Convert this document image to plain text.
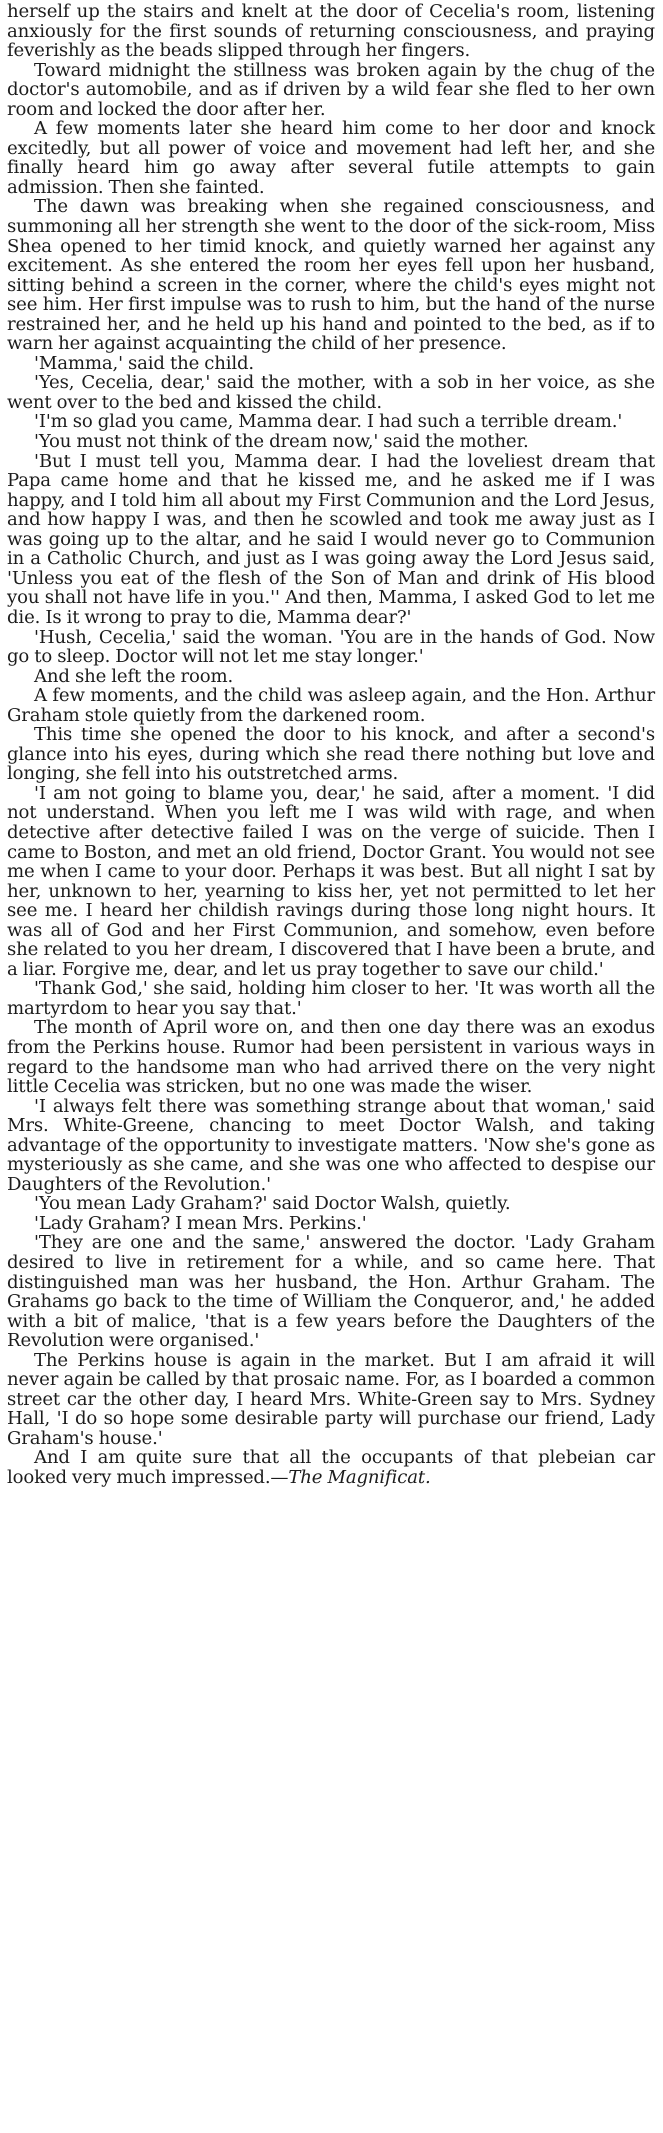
herself up the stairs and knelt at the door of Cecelia's room, listening anxiously for the first sounds of returning consciousness, and praying feverishly as the beads slipped through her fingers.

Toward midnight the stillness was broken again by the chug of the doctor's automobile, and as if driven by a wild fear she fled to her own room and locked the door after her.

A few moments later she heard him come to her door and knock excitedly, but all power of voice and movement had left her, and she finally heard him go away after several futile attempts to gain admission. Then she fainted.

The dawn was breaking when she regained consciousness, and summoning all her strength she went to the door of the sick-room, Miss Shea opened to her timid knock, and quietly warned her against any excitement. As she entered the room her eyes fell upon her husband, sitting behind a screen in the corner, where the child's eyes might not see him. Her first impulse was to rush to him, but the hand of the nurse restrained her, and he held up his hand and pointed to the bed, as if to warn her against acquainting the child of her presence.

'Mamma,' said the child.

'Yes, Cecelia, dear,' said the mother, with a sob in her voice, as she went over to the bed and kissed the child.

'I'm so glad you came, Mamma dear. I had such a terrible dream.'

'You must not think of the dream now,' said the mother.

'But I must tell you, Mamma dear. I had the loveliest dream that Papa came home and that he kissed me, and he asked me if I was happy, and I told him all about my First Communion and the Lord Jesus, and how happy I was, and then he scowled and took me away just as I was going up to the altar, and he said I would never go to Communion in a Catholic Church, and just as I was going away the Lord Jesus said, 'Unless you eat of the flesh of the Son of Man and drink of His blood you shall not have life in you.'' And then, Mamma, I asked God to let me die. Is it wrong to pray to die, Mamma dear?'

'Hush, Cecelia,' said the woman. 'You are in the hands of God. Now go to sleep. Doctor will not let me stay longer.'

And she left the room.

A few moments, and the child was asleep again, and the Hon. Arthur Graham stole quietly from the darkened room.

This time she opened the door to his knock, and after a second's glance into his eyes, during which she read there nothing but love and longing, she fell into his outstretched arms.

'I am not going to blame you, dear,' he said, after a moment. 'I did not understand. When you left me I was wild with rage, and when detective after detective failed I was on the verge of suicide. Then I came to Boston, and met an old friend, Doctor Grant. You would not see me when I came to your door. Perhaps it was best. But all night I sat by her, unknown to her, yearning to kiss her, yet not permitted to let her see me. I heard her childish ravings during those long night hours. It was all of God and her First Communion, and somehow, even before she related to you her dream, I discovered that I have been a brute, and a liar. Forgive me, dear, and let us pray together to save our child.'

'Thank God,' she said, holding him closer to her. 'It was worth all the martyrdom to hear you say that.'

The month of April wore on, and then one day there was an exodus from the Perkins house. Rumor had been persistent in various ways in regard to the handsome man who had arrived there on the very night little Cecelia was stricken, but no one was made the wiser.

'I always felt there was something strange about that woman,' said Mrs. White-Greene, chancing to meet Doctor Walsh, and taking advantage of the opportunity to investigate matters. 'Now she's gone as mysteriously as she came, and she was one who affected to despise our Daughters of the Revolution.'

'You mean Lady Graham?' said Doctor Walsh, quietly.

'Lady Graham? I mean Mrs. Perkins.'

'They are one and the same,' answered the doctor. 'Lady Graham desired to live in retirement for a while, and so came here. That distinguished man was her husband, the Hon. Arthur Graham. The Grahams go back to the time of William the Conqueror, and,' he added with a bit of malice, 'that is a few years before the Daughters of the Revolution were organised.'

The Perkins house is again in the market. But I am afraid it will never again be called by that prosaic name. For, as I boarded a common street car the other day, I heard Mrs. White-Green say to Mrs. Sydney Hall, 'I do so hope some desirable party will purchase our friend, Lady Graham's house.'

And I am quite sure that all the occupants of that plebeian car looked very much impressed.—The Magnificat.
